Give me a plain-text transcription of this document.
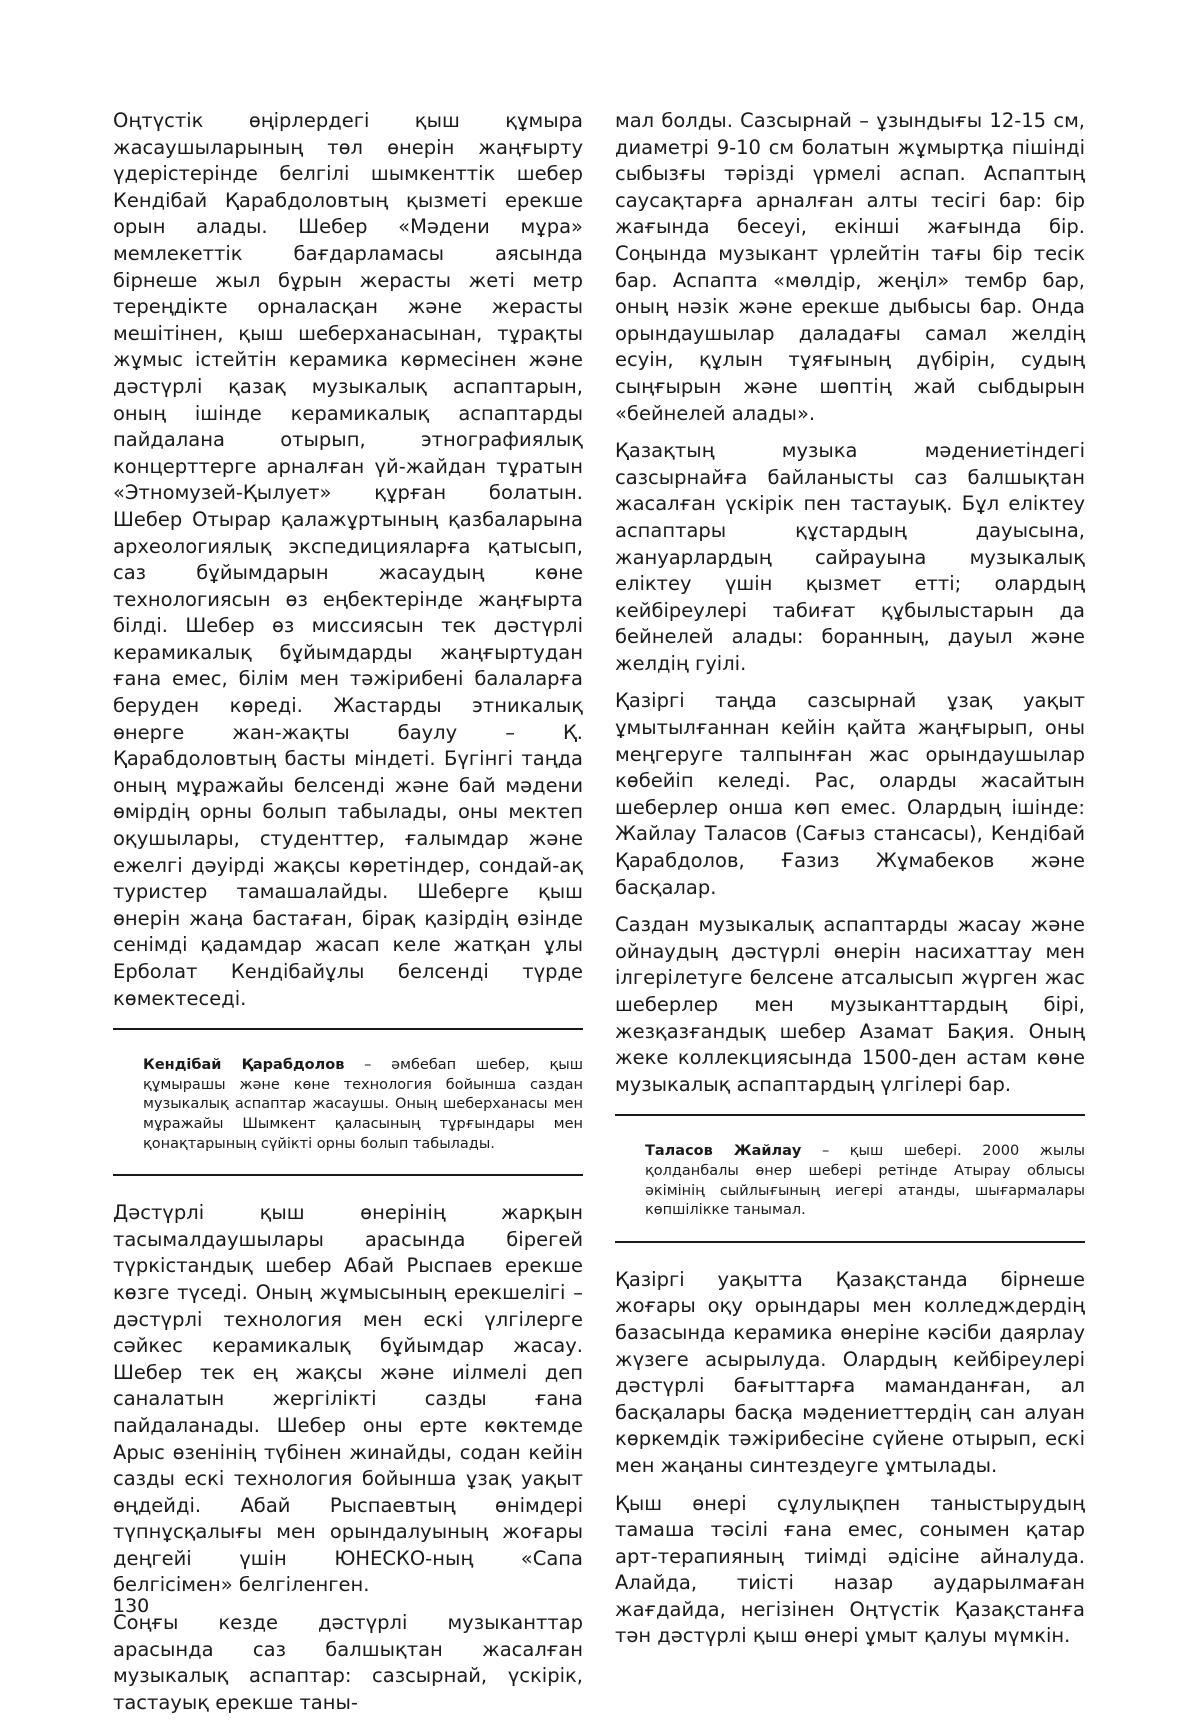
Оңтүстік өңірлердегі қыш құмыра жасаушыларының төл өнерін жаңғырту үдерістерінде белгілі шымкенттік шебер Кендібай Қарабдоловтың қызметі ерекше орын алады. Шебер «Мәдени мұра» мемлекеттік бағдарламасы аясында бірнеше жыл бұрын жерасты жеті метр тереңдікте орналасқан және жерасты мешітінен, қыш шеберханасынан, тұрақты жұмыс істейтін керамика көрмесінен және дәстүрлі қазақ музыкалық аспаптарын, оның ішінде керамикалық аспаптарды пайдалана отырып, этнографиялық концерттерге арналған үй-жайдан тұратын «Этномузей-Қылует» құрған болатын. Шебер Отырар қалажұртының қазбаларына археологиялық экспедицияларға қатысып, саз бұйымдарын жасаудың көне технологиясын өз еңбектерінде жаңғырта білді. Шебер өз миссиясын тек дәстүрлі керамикалық бұйымдарды жаңғыртудан ғана емес, білім мен тәжірибені балаларға беруден көреді. Жастарды этникалық өнерге жан-жақты баулу – Қ. Қарабдоловтың басты міндеті. Бүгінгі таңда оның мұражайы белсенді және бай мәдени өмірдің орны болып табылады, оны мектеп оқушылары, студенттер, ғалымдар және ежелгі дәуірді жақсы көретіндер, сондай-ақ туристер тамашалайды. Шеберге қыш өнерін жаңа бастаған, бірақ қазірдің өзінде сенімді қадамдар жасап келе жатқан ұлы Ерболат Кендібайұлы белсенді түрде көмектеседі.

Кендібай Қарабдолов – әмбебап шебер, қыш құмырашы және көне технология бойынша саздан музыкалық аспаптар жасаушы. Оның шеберханасы мен мұражайы Шымкент қаласының тұрғындары мен қонақтарының сүйікті орны болып табылады.

Дәстүрлі қыш өнерінің жарқын тасымалдаушылары арасында бірегей түркістандық шебер Абай Рыспаев ерекше көзге түседі. Оның жұмысының ерекшелігі – дәстүрлі технология мен ескі үлгілерге сәйкес керамикалық бұйымдар жасау. Шебер тек ең жақсы және иілмелі деп саналатын жергілікті сазды ғана пайдаланады. Шебер оны ерте көктемде Арыс өзенінің түбінен жинайды, содан кейін сазды ескі технология бойынша ұзақ уақыт өңдейді. Абай Рыспаевтың өнімдері түпнұсқалығы мен орындалуының жоғары деңгейі үшін ЮНЕСКО-ның «Сапа белгісімен» белгіленген.

Соңғы кезде дәстүрлі музыканттар арасында саз балшықтан жасалған музыкалық аспаптар: сазсырнай, үскірік, тастауық ерекше таны-

мал болды. Сазсырнай – ұзындығы 12-15 см, диаметрі 9-10 см болатын жұмыртқа пішінді сыбызғы тәрізді үрмелі аспап. Аспаптың саусақтарға арналған алты тесігі бар: бір жағында бесеуі, екінші жағында бір. Соңында музыкант үрлейтін тағы бір тесік бар. Аспапта «мөлдір, жеңіл» тембр бар, оның нәзік және ерекше дыбысы бар. Онда орындаушылар даладағы самал желдің есуін, құлын тұяғының дүбірін, судың сыңғырын және шөптің жай сыбдырын «бейнелей алады».

Қазақтың музыка мәдениетіндегі сазсырнайға байланысты саз балшықтан жасалған үскірік пен тастауық. Бұл еліктеу аспаптары құстардың дауысына, жануарлардың сайрауына музыкалық еліктеу үшін қызмет етті; олардың кейбіреулері табиғат құбылыстарын да бейнелей алады: боранның, дауыл және желдің гуілі.

Қазіргі таңда сазсырнай ұзақ уақыт ұмытылғаннан кейін қайта жаңғырып, оны меңгеруге талпынған жас орындаушылар көбейіп келеді. Рас, оларды жасайтын шеберлер онша көп емес. Олардың ішінде: Жайлау Таласов (Сағыз стансасы), Кендібай Қарабдолов, Ғазиз Жұмабеков және басқалар.

Саздан музыкалық аспаптарды жасау және ойнаудың дәстүрлі өнерін насихаттау мен ілгерілетуге белсене атсалысып жүрген жас шеберлер мен музыканттардың бірі, жезқазғандық шебер Азамат Бақия. Оның жеке коллекциясында 1500-ден астам көне музыкалық аспаптардың үлгілері бар.

Таласов Жайлау – қыш шебері. 2000 жылы қолданбалы өнер шебері ретінде Атырау облысы әкімінің сыйлығының иегері атанды, шығармалары көпшілікке танымал.

Қазіргі уақытта Қазақстанда бірнеше жоғары оқу орындары мен колледждердің базасында керамика өнеріне кәсіби даярлау жүзеге асырылуда. Олардың кейбіреулері дәстүрлі бағыттарға маманданған, ал басқалары басқа мәдениеттердің сан алуан көркемдік тәжірибесіне сүйене отырып, ескі мен жаңаны синтездеуге ұмтылады.

Қыш өнері сұлулықпен таныстырудың тамаша тәсілі ғана емес, сонымен қатар арт-терапияның тиімді әдісіне айналуда. Алайда, тиісті назар аударылмаған жағдайда, негізінен Оңтүстік Қазақстанға тән дәстүрлі қыш өнері ұмыт қалуы мүмкін.

130
